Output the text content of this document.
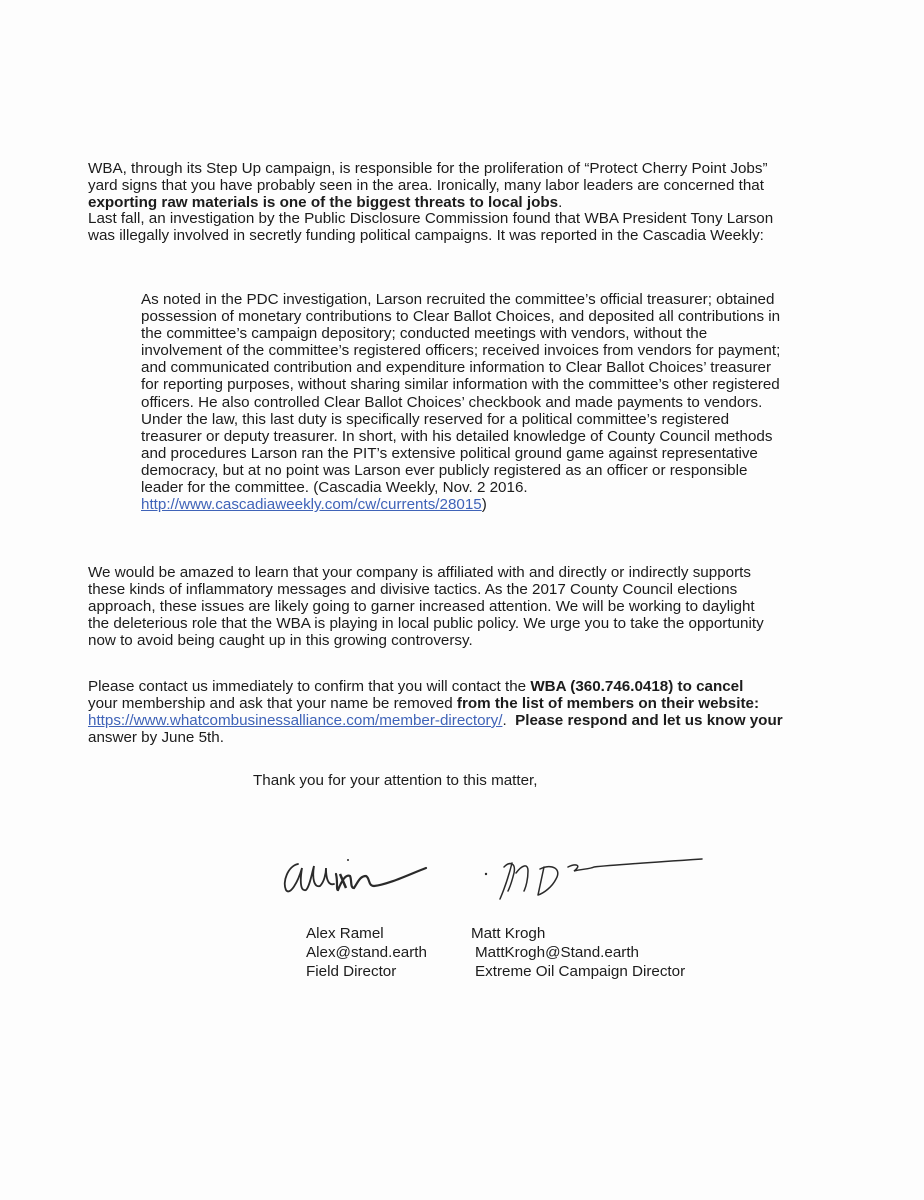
WBA, through its Step Up campaign, is responsible for the proliferation of “Protect Cherry Point Jobs”
yard signs that you have probably seen in the area. Ironically, many labor leaders are concerned that
exporting raw materials is one of the biggest threats to local jobs.

Last fall, an investigation by the Public Disclosure Commission found that WBA President Tony Larson
was illegally involved in secretly funding political campaigns. It was reported in the Cascadia Weekly:

As noted in the PDC investigation, Larson recruited the committee’s official treasurer; obtained
possession of monetary contributions to Clear Ballot Choices, and deposited all contributions in
the committee’s campaign depository; conducted meetings with vendors, without the
involvement of the committee’s registered officers; received invoices from vendors for payment;
and communicated contribution and expenditure information to Clear Ballot Choices’ treasurer
for reporting purposes, without sharing similar information with the committee’s other registered
officers. He also controlled Clear Ballot Choices’ checkbook and made payments to vendors.
Under the law, this last duty is specifically reserved for a political committee’s registered
treasurer or deputy treasurer. In short, with his detailed knowledge of County Council methods
and procedures Larson ran the PIT’s extensive political ground game against representative
democracy, but at no point was Larson ever publicly registered as an officer or responsible
leader for the committee. (Cascadia Weekly, Nov. 2 2016.
http://www.cascadiaweekly.com/cw/currents/28015)

We would be amazed to learn that your company is affiliated with and directly or indirectly supports
these kinds of inflammatory messages and divisive tactics. As the 2017 County Council elections
approach, these issues are likely going to garner increased attention. We will be working to daylight
the deleterious role that the WBA is playing in local public policy. We urge you to take the opportunity
now to avoid being caught up in this growing controversy.

Please contact us immediately to confirm that you will contact the WBA (360.746.0418) to cancel
your membership and ask that your name be removed from the list of members on their website:
https://www.whatcombusinessalliance.com/member-directory/.  Please respond and let us know your
answer by June 5th.

Thank you for your attention to this matter,
Alex Ramel
Alex@stand.earth
Field Director
Matt Krogh
MattKrogh@Stand.earth
Extreme Oil Campaign Director
